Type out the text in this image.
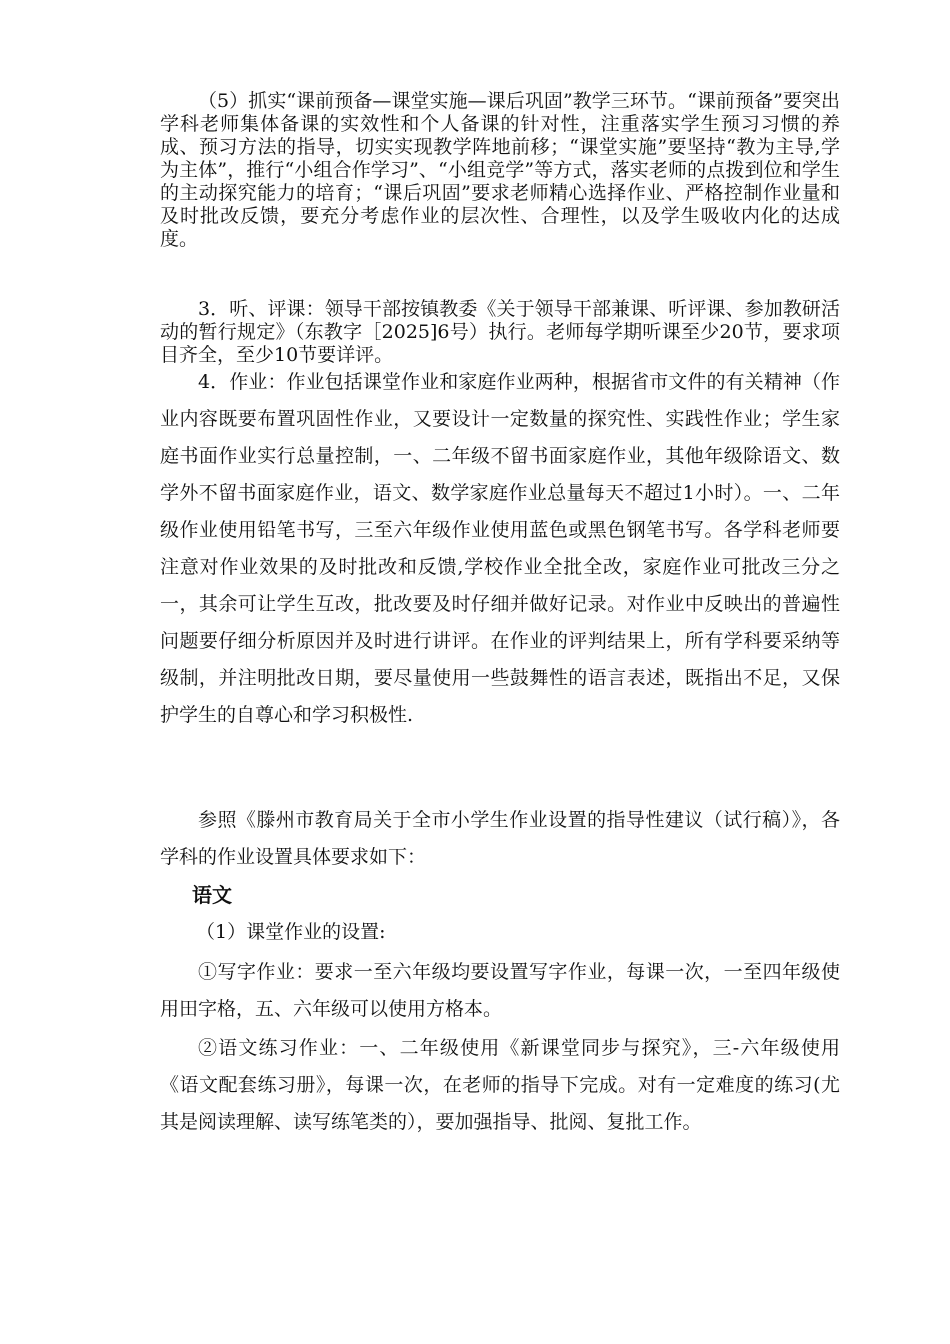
（5）抓实“课前预备—课堂实施—课后巩固”教学三环节。“课前预备”要突出学科老师集体备课的实效性和个人备课的针对性，注重落实学生预习习惯的养成、预习方法的指导，切实实现教学阵地前移；“课堂实施”要坚持“教为主导,学为主体”，推行“小组合作学习”、“小组竞学”等方式，落实老师的点拨到位和学生的主动探究能力的培育；“课后巩固”要求老师精心选择作业、严格控制作业量和及时批改反馈，要充分考虑作业的层次性、合理性，以及学生吸收内化的达成度。

3．听、评课：领导干部按镇教委《关于领导干部兼课、听评课、参加教研活动的暂行规定》（东教字［2025]6号）执行。老师每学期听课至少20节，要求项目齐全，至少10节要详评。

4．作业：作业包括课堂作业和家庭作业两种，根据省市文件的有关精神（作业内容既要布置巩固性作业，又要设计一定数量的探究性、实践性作业；学生家庭书面作业实行总量控制，一、二年级不留书面家庭作业，其他年级除语文、数学外不留书面家庭作业，语文、数学家庭作业总量每天不超过1小时）。一、二年级作业使用铅笔书写，三至六年级作业使用蓝色或黑色钢笔书写。各学科老师要注意对作业效果的及时批改和反馈,学校作业全批全改，家庭作业可批改三分之一，其余可让学生互改，批改要及时仔细并做好记录。对作业中反映出的普遍性问题要仔细分析原因并及时进行讲评。在作业的评判结果上，所有学科要采纳等级制，并注明批改日期，要尽量使用一些鼓舞性的语言表述，既指出不足，又保护学生的自尊心和学习积极性.

参照《滕州市教育局关于全市小学生作业设置的指导性建议（试行稿）》，各学科的作业设置具体要求如下：

语文

（1）课堂作业的设置:

①写字作业：要求一至六年级均要设置写字作业，每课一次，一至四年级使用田字格，五、六年级可以使用方格本。

②语文练习作业：一、二年级使用《新课堂同步与探究》，三-六年级使用《语文配套练习册》，每课一次，在老师的指导下完成。对有一定难度的练习(尤其是阅读理解、读写练笔类的），要加强指导、批阅、复批工作。
